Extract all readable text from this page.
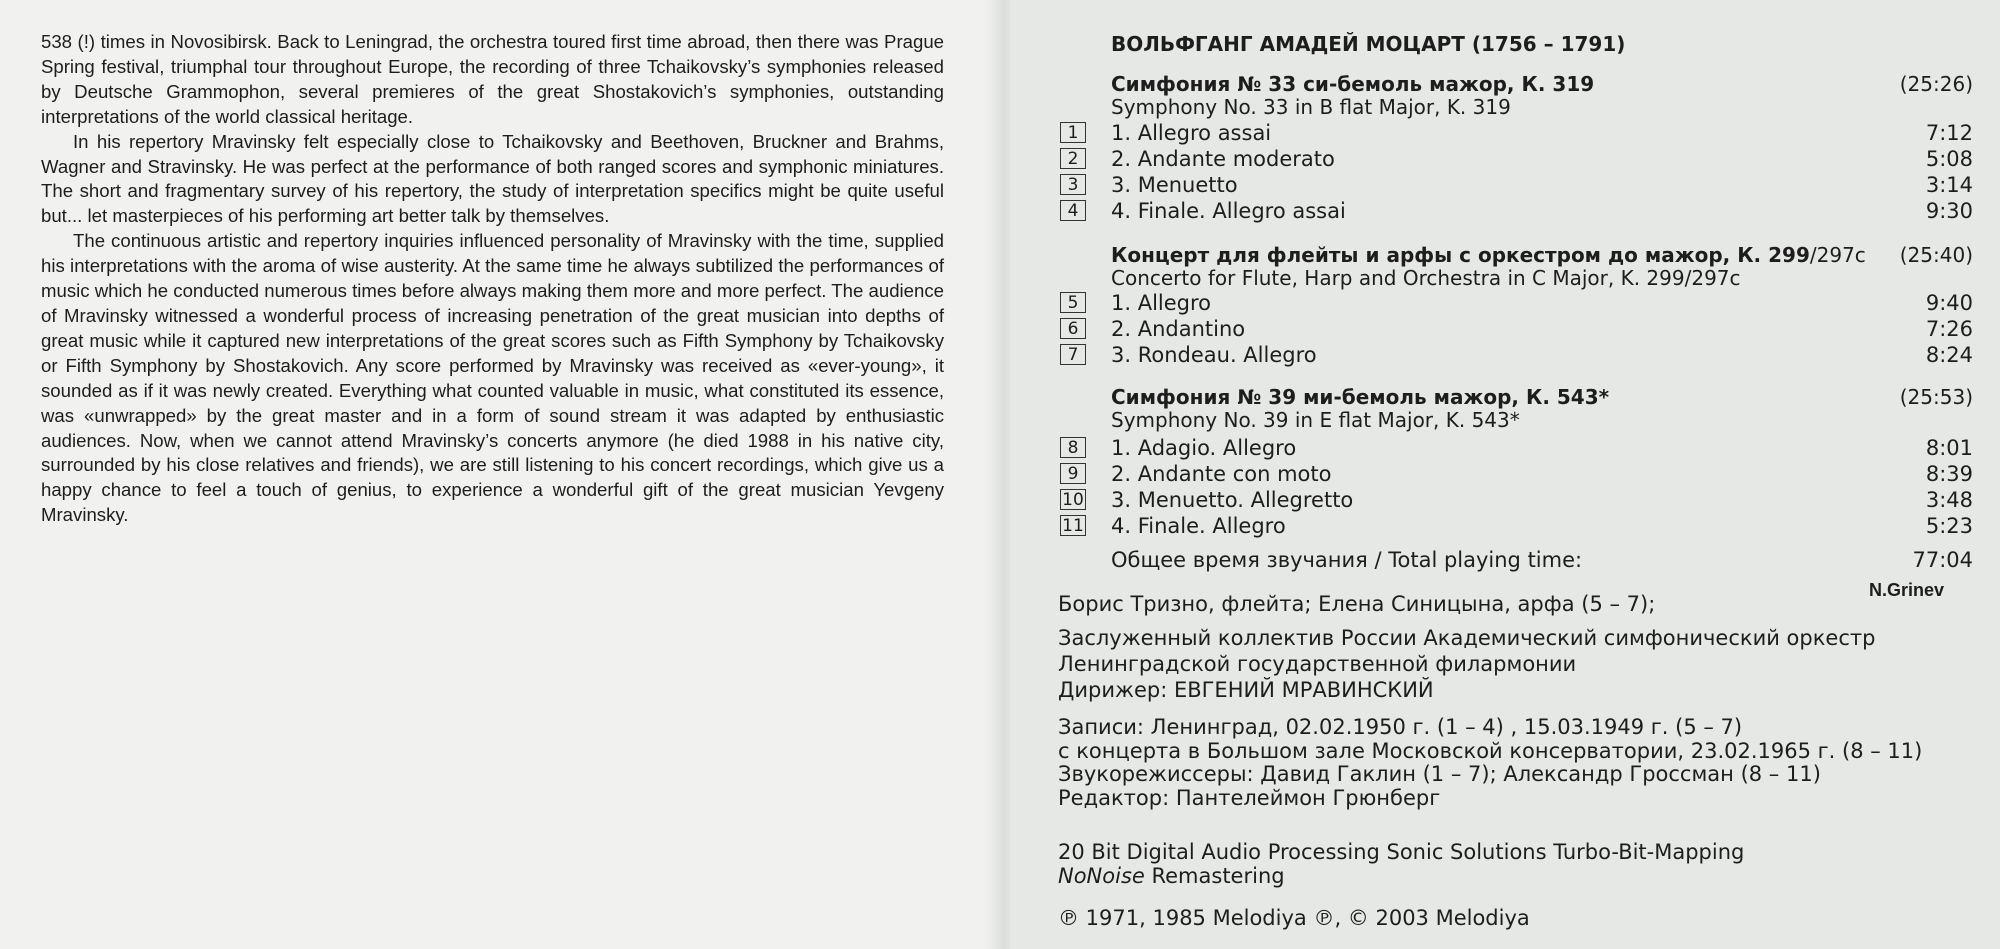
538 (!) times in Novosibirsk. Back to Leningrad, the orchestra toured first time abroad, then there was Prague Spring festival, triumphal tour throughout Europe, the recording of three Tchaikovsky’s symphonies released by Deutsche Grammophon, several premieres of the great Shostakovich’s symphonies, outstanding interpretations of the world classical heritage.

In his repertory Mravinsky felt especially close to Tchaikovsky and Beethoven, Bruckner and Brahms, Wagner and Stravinsky. He was perfect at the performance of both ranged scores and symphonic miniatures. The short and fragmentary survey of his repertory, the study of interpretation specifics might be quite useful but... let masterpieces of his performing art better talk by themselves.

The continuous artistic and repertory inquiries influenced personality of Mravinsky with the time, supplied his interpretations with the aroma of wise austerity. At the same time he always subtilized the performances of music which he conducted numerous times before always making them more and more perfect. The audience of Mravinsky witnessed a wonderful process of increasing penetration of the great musician into depths of great music while it captured new interpretations of the great scores such as Fifth Symphony by Tchaikovsky or Fifth Symphony by Shostakovich. Any score performed by Mravinsky was received as «ever-young», it sounded as if it was newly created. Everything what counted valuable in music, what constituted its essence, was «unwrapped» by the great master and in a form of sound stream it was adapted by enthusiastic audiences. Now, when we cannot attend Mravinsky’s concerts anymore (he died 1988 in his native city, surrounded by his close relatives and friends), we are still listening to his concert recordings, which give us a happy chance to feel a touch of genius, to experience a wonderful gift of the great musician Yevgeny Mravinsky.

N.Grinev
ВОЛЬФГАНГ АМАДЕЙ МОЦАРТ (1756 – 1791)
Симфония № 33 си-бемоль мажор, К. 319	(25:26)
Symphony No. 33 in B flat Major, K. 319
1	1. Allegro assai	7:12
2	2. Andante moderato	5:08
3	3. Menuetto	3:14
4	4. Finale. Allegro assai	9:30
Концерт для флейты и арфы с оркестром до мажор, К. 299/297c (25:40)
Concerto for Flute, Harp and Orchestra in C Major, K. 299/297c
5	1. Allegro	9:40
6	2. Andantino	7:26
7	3. Rondeau. Allegro	8:24
Симфония № 39 ми-бемоль мажор, К. 543*	(25:53)
Symphony No. 39 in E flat Major, K. 543*
8	1. Adagio. Allegro	8:01
9	2. Andante con moto	8:39
10 3. Menuetto. Allegretto	3:48
11 4. Finale. Allegro	5:23
Общее время звучания / Total playing time:	77:04
Борис Тризно, флейта; Елена Синицына, арфа (5 – 7);
Заслуженный коллектив России Академический симфонический оркестр
Ленинградской государственной филармонии
Дирижер: ЕВГЕНИЙ МРАВИНСКИЙ
Записи: Ленинград, 02.02.1950 г. (1 – 4) , 15.03.1949 г. (5 – 7)
с концерта в Большом зале Московской консерватории, 23.02.1965 г. (8 – 11)
Звукорежиссеры: Давид Гаклин (1 – 7); Александр Гроссман (8 – 11)
Редактор: Пантелеймон Грюнберг
20 Bit Digital Audio Processing Sonic Solutions Turbo-Bit-Mapping
NoNoise Remastering
℗ 1971, 1985 Melodiya ℗, © 2003 Melodiya
